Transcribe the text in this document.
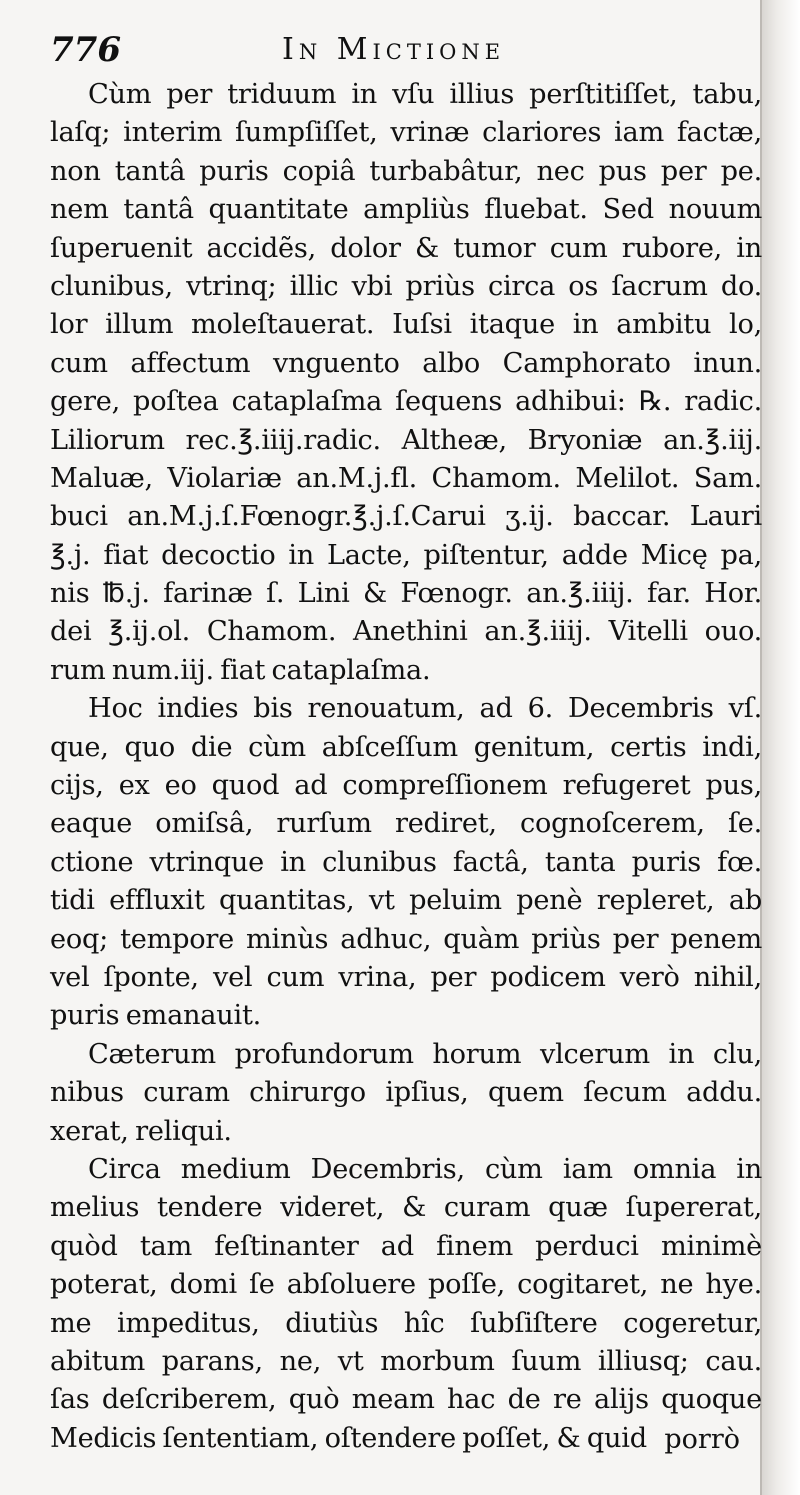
776	In Mictione
Cùm per triduum in vſu illius perſtitiſſet, tabu,
laſq; interim ſumpſiſſet, vrinæ clariores iam factæ,
non tantâ puris copiâ turbabâtur, nec pus per pe.
nem tantâ quantitate ampliùs fluebat. Sed nouum
ſuperuenit accidẽs, dolor & tumor cum rubore, in
clunibus, vtrinq; illic vbi priùs circa os ſacrum do.
lor illum moleſtauerat. Iuſsi itaque in ambitu lo,
cum affectum vnguento albo Camphorato inun.
gere, poſtea cataplaſma ſequens adhibui: ℞. radic.
Liliorum rec.℥.iiij.radic. Altheæ, Bryoniæ an.℥.iij.
Maluæ, Violariæ an.M.j.fl. Chamom. Melilot. Sam.
buci an.M.j.ſ.Fœnogr.℥.j.ſ.Carui ʒ.ij. baccar. Lauri
℥.j. fiat decoctio in Lacte, piſtentur, adde Micę pa,
nis ℔.j. farinæ ſ. Lini & Fœnogr. an.℥.iiij. far. Hor.
dei ℥.ij.ol. Chamom. Anethini an.℥.iiij. Vitelli ouo.
rum num.iij. fiat cataplaſma.
Hoc indies bis renouatum, ad 6. Decembris vſ.
que, quo die cùm abſceſſum genitum, certis indi,
cijs, ex eo quod ad compreſſionem refugeret pus,
eaque omiſsâ, rurſum rediret, cognoſcerem, ſe.
ctione vtrinque in clunibus factâ, tanta puris fœ.
tidi effluxit quantitas, vt peluim penè repleret, ab
eoq; tempore minùs adhuc, quàm priùs per penem
vel ſponte, vel cum vrina, per podicem verò nihil,
puris emanauit.
Cæterum profundorum horum vlcerum in clu,
nibus curam chirurgo ipſius, quem ſecum addu.
xerat, reliqui.
Circa medium Decembris, cùm iam omnia in
melius tendere videret, & curam quæ ſupererat,
quòd tam feſtinanter ad finem perduci minimè
poterat, domi ſe abſoluere poſſe, cogitaret, ne hye.
me impeditus, diutiùs hîc ſubſiſtere cogeretur,
abitum parans, ne, vt morbum ſuum illiusq; cau.
ſas deſcriberem, quò meam hac de re alijs quoque
Medicis ſententiam, oſtendere poſſet, & quid porrò
